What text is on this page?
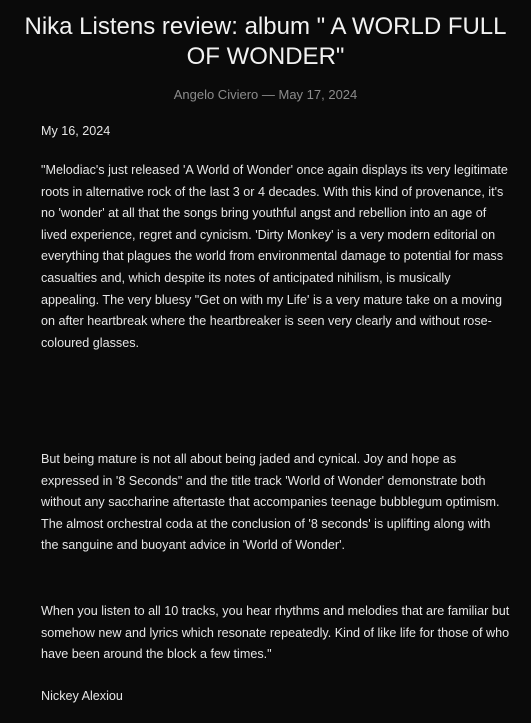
Nika Listens review: album " A WORLD FULL OF WONDER"
Angelo Civiero — May 17, 2024

My 16, 2024

"Melodiac's just released 'A World of Wonder' once again displays its very legitimate roots in alternative rock of the last 3 or 4 decades. With this kind of provenance, it's no 'wonder' at all that the songs bring youthful angst and rebellion into an age of lived experience, regret and cynicism. 'Dirty Monkey' is a very modern editorial on everything that plagues the world from environmental damage to potential for mass casualties and, which despite its notes of anticipated nihilism, is musically appealing. The very bluesy "Get on with my Life' is a very mature take on a moving on after heartbreak where the heartbreaker is seen very clearly and without rose-coloured glasses.

But being mature is not all about being jaded and cynical. Joy and hope as expressed in '8 Seconds" and the title track 'World of Wonder' demonstrate both without any saccharine aftertaste that accompanies teenage bubblegum optimism. The almost orchestral coda at the conclusion of '8 seconds' is uplifting along with the sanguine and buoyant advice in 'World of Wonder'.

When you listen to all 10 tracks, you hear rhythms and melodies that are familiar but somehow new and lyrics which resonate repeatedly. Kind of like life for those of who have been around the block a few times."

Nickey Alexiou
